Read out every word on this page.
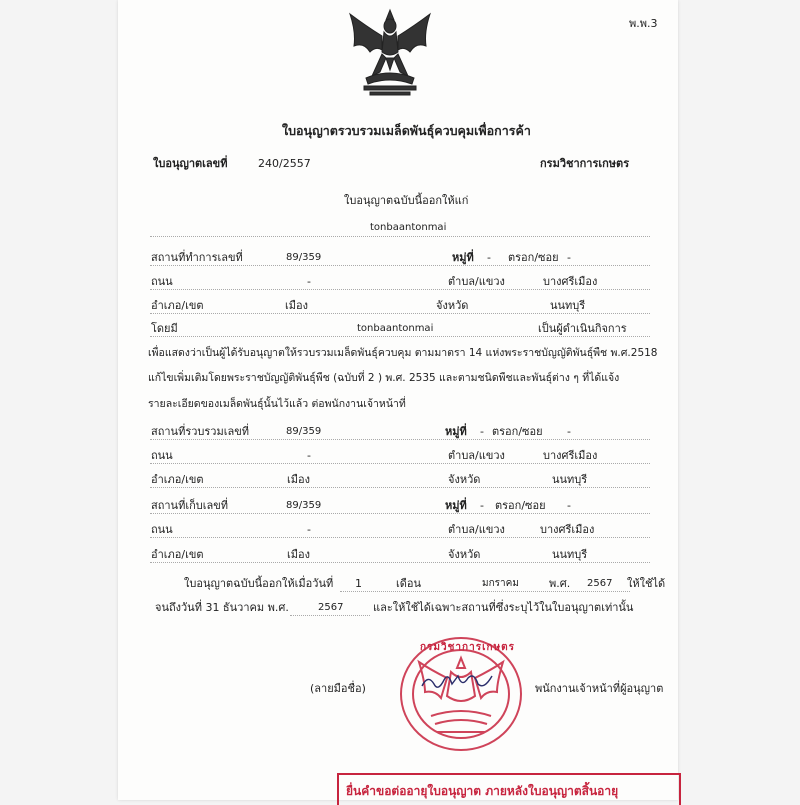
พ.พ.3
ใบอนุญาตรวบรวมเมล็ดพันธุ์ควบคุมเพื่อการค้า
ใบอนุญาตเลขที่	240/2557	กรมวิชาการเกษตร
ใบอนุญาตฉบับนี้ออกให้แก่
tonbaantonmai
สถานที่ทำการเลขที่	89/359	หมู่ที่ - ตรอก/ซอย -
ถนน	-	ตำบล/แขวง	บางศรีเมือง
อำเภอ/เขต	เมือง	จังหวัด	นนทบุรี
โดยมี	tonbaantonmai	เป็นผู้ดำเนินกิจการ
เพื่อแสดงว่าเป็นผู้ได้รับอนุญาตให้รวบรวมเมล็ดพันธุ์ควบคุม ตามมาตรา 14 แห่งพระราชบัญญัติพันธุ์พืช พ.ศ.2518
แก้ไขเพิ่มเติมโดยพระราชบัญญัติพันธุ์พืช (ฉบับที่ 2 ) พ.ศ. 2535 และตามชนิดพืชและพันธุ์ต่าง ๆ ที่ได้แจ้ง
รายละเอียดของเมล็ดพันธุ์นั้นไว้แล้ว ต่อพนักงานเจ้าหน้าที่
สถานที่รวบรวมเลขที่	89/359	หมู่ที่ - ตรอก/ซอย -
ถนน	-	ตำบล/แขวง	บางศรีเมือง
อำเภอ/เขต	เมือง	จังหวัด	นนทบุรี
สถานที่เก็บเลขที่	89/359	หมู่ที่ - ตรอก/ซอย -
ถนน	-	ตำบล/แขวง	บางศรีเมือง
อำเภอ/เขต	เมือง	จังหวัด	นนทบุรี
ใบอนุญาตฉบับนี้ออกให้เมื่อวันที่ 1	เดือน	มกราคม	พ.ศ. 2567 ให้ใช้ได้
จนถึงวันที่ 31 ธันวาคม พ.ศ.	2567	และให้ใช้ได้เฉพาะสถานที่ซึ่งระบุไว้ในใบอนุญาตเท่านั้น
กรมวิชาการเกษตร
(ลายมือชื่อ)	พนักงานเจ้าหน้าที่ผู้อนุญาต
ยื่นคำขอต่ออายุใบอนุญาต ภายหลังใบอนุญาตสิ้นอายุ
